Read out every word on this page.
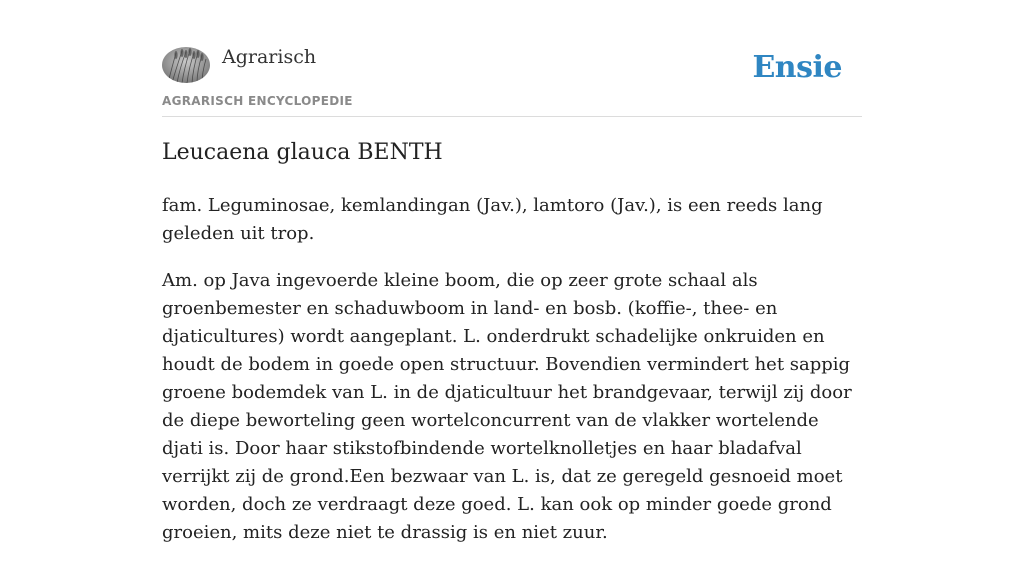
Agrarisch
AGRARISCH ENCYCLOPEDIE
Ensie
Leucaena glauca BENTH

fam. Leguminosae, kemlandingan (Jav.), lamtoro (Jav.), is een reeds lang geleden uit trop.

Am. op Java ingevoerde kleine boom, die op zeer grote schaal als groenbemester en schaduwboom in land- en bosb. (koffie-, thee- en djaticultures) wordt aangeplant. L. onderdrukt schadelijke onkruiden en houdt de bodem in goede open structuur. Bovendien vermindert het sappig groene bodemdek van L. in de djaticultuur het brandgevaar, terwijl zij door de diepe beworteling geen wortelconcurrent van de vlakker wortelende djati is. Door haar stikstofbindende wortelknolletjes en haar bladafval verrijkt zij de grond.Een bezwaar van L. is, dat ze geregeld gesnoeid moet worden, doch ze verdraagt deze goed. L. kan ook op minder goede grond groeien, mits deze niet te drassig is en niet zuur.
